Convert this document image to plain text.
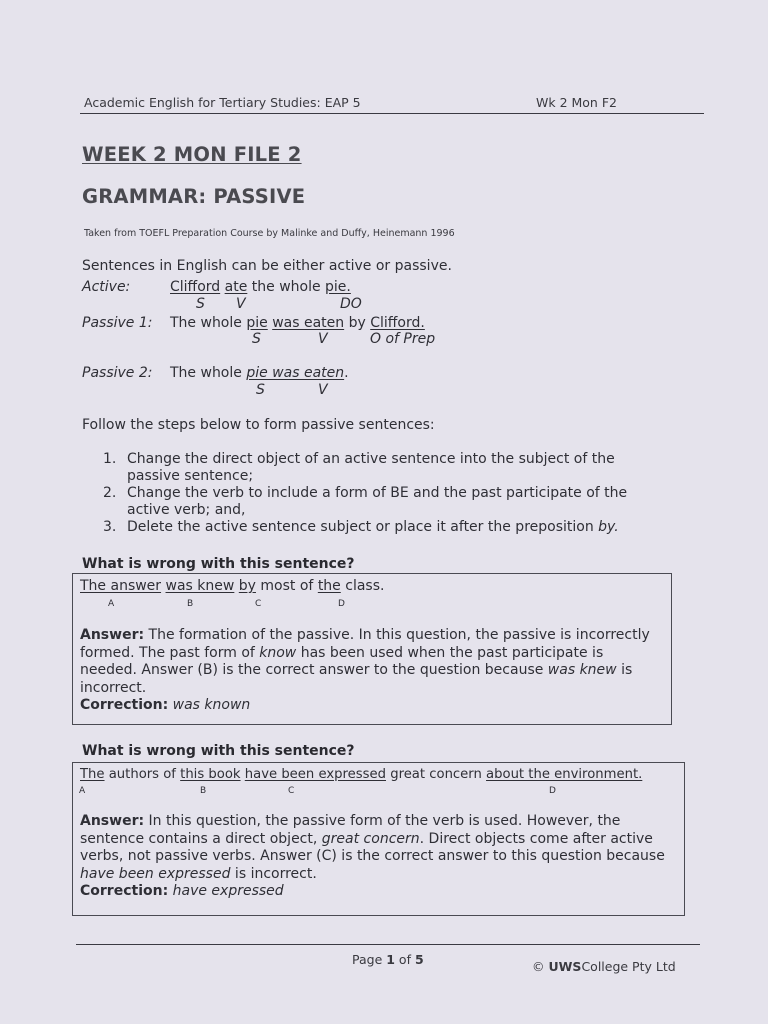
Academic English for Tertiary Studies: EAP 5	Wk 2 Mon F2
WEEK 2 MON FILE 2
GRAMMAR: PASSIVE
Taken from TOEFL Preparation Course by Malinke and Duffy, Heinemann 1996
Sentences in English can be either active or passive.
Active:	Clifford ate the whole pie.
S V	DO
Passive 1: The whole pie was eaten by Clifford.
S	V	O of Prep
Passive 2: The whole pie was eaten.
S	V
Follow the steps below to form passive sentences:
1. Change the direct object of an active sentence into the subject of the
passive sentence;
2. Change the verb to include a form of BE and the past participate of the
active verb; and,
3. Delete the active sentence subject or place it after the preposition by.
What is wrong with this sentence?
The answer was knew by most of the class.
A	B	C	D
Answer: The formation of the passive. In this question, the passive is incorrectly formed. The past form of know has been used when the past participate is needed. Answer (B) is the correct answer to the question because was knew is incorrect.
Correction: was known
What is wrong with this sentence?
The authors of this book have been expressed great concern about the environment.
A	B	C	D
Answer: In this question, the passive form of the verb is used. However, the sentence contains a direct object, great concern. Direct objects come after active verbs, not passive verbs. Answer (C) is the correct answer to this question because have been expressed is incorrect.
Correction: have expressed
Page 1 of 5	© UWSCollege Pty Ltd
